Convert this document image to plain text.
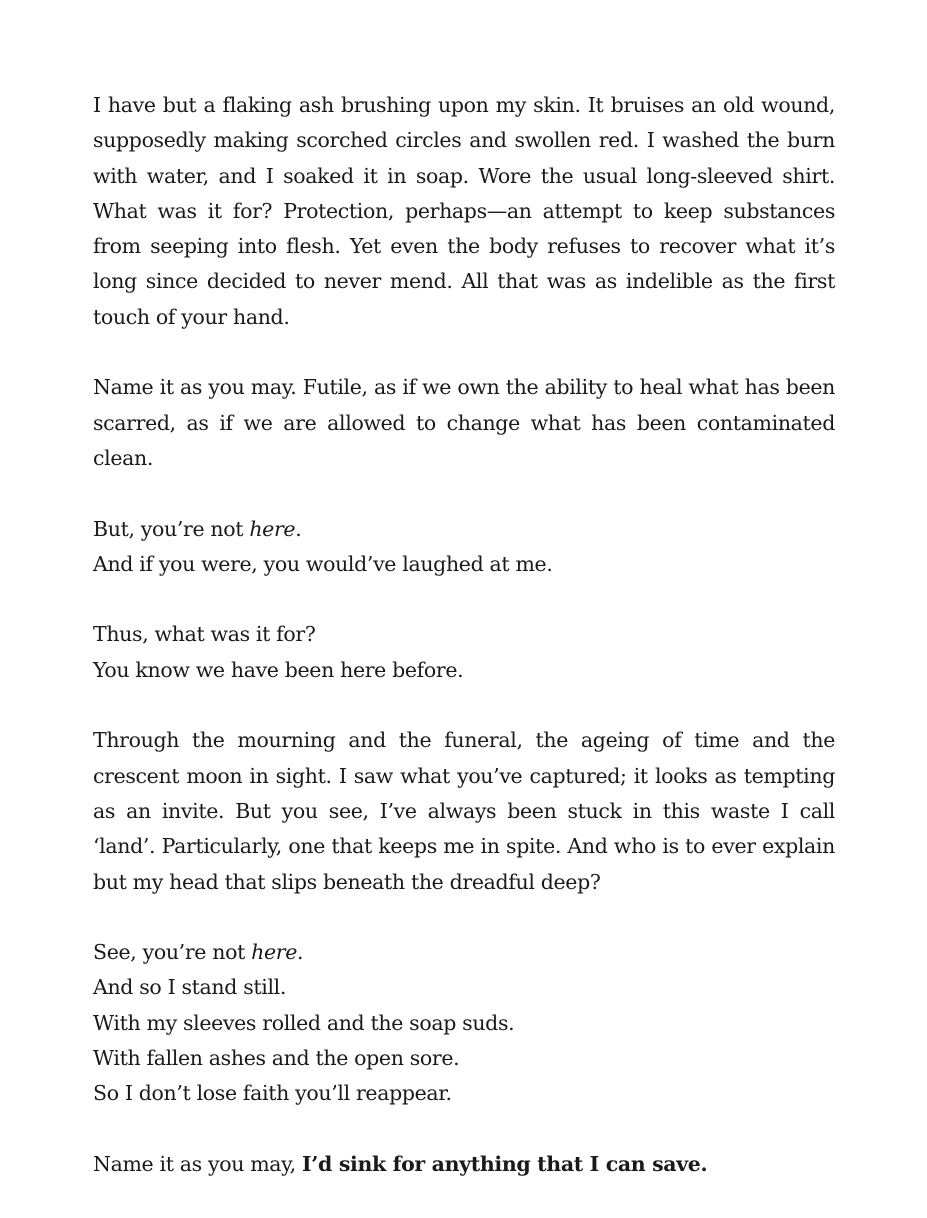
I have but a flaking ash brushing upon my skin. It bruises an old wound, supposedly making scorched circles and swollen red. I washed the burn with water, and I soaked it in soap. Wore the usual long-sleeved shirt. What was it for? Protection, perhaps—an attempt to keep substances from seeping into flesh. Yet even the body refuses to recover what it’s long since decided to never mend. All that was as indelible as the first touch of your hand.

Name it as you may. Futile, as if we own the ability to heal what has been scarred, as if we are allowed to change what has been contaminated clean.

But, you’re not here.
And if you were, you would’ve laughed at me.

Thus, what was it for?
You know we have been here before.

Through the mourning and the funeral, the ageing of time and the crescent moon in sight. I saw what you’ve captured; it looks as tempting as an invite. But you see, I’ve always been stuck in this waste I call ‘land’. Particularly, one that keeps me in spite. And who is to ever explain but my head that slips beneath the dreadful deep?

See, you’re not here.
And so I stand still.
With my sleeves rolled and the soap suds.
With fallen ashes and the open sore.
So I don’t lose faith you’ll reappear.

Name it as you may, I’d sink for anything that I can save.
